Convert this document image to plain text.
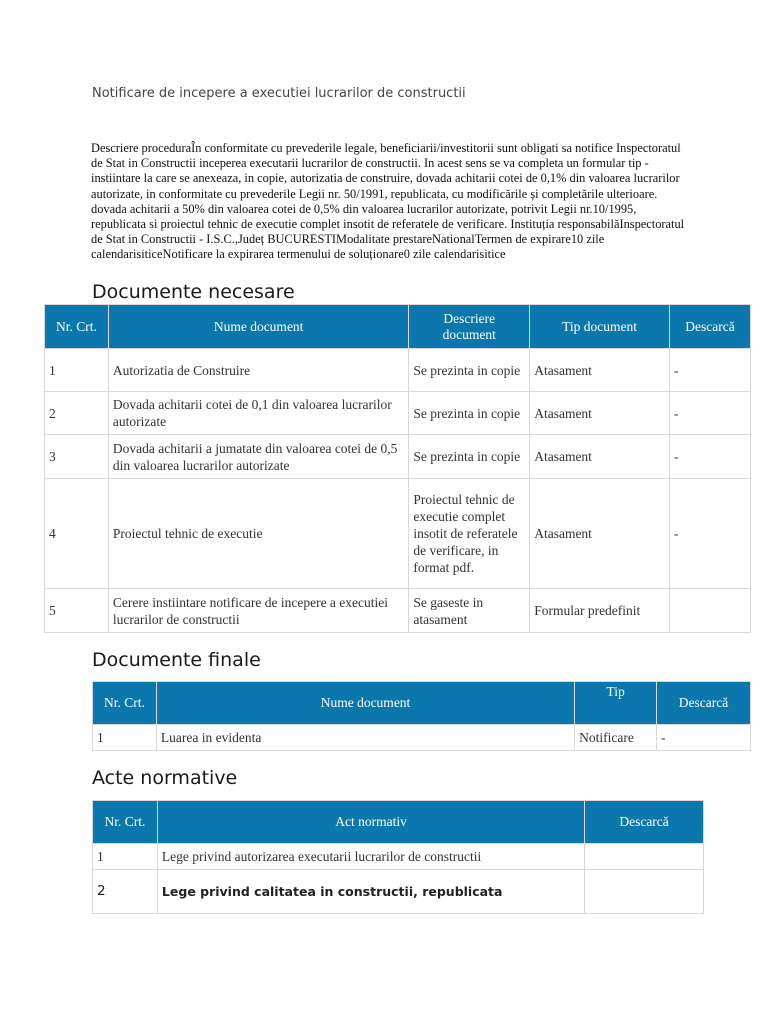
Notificare de incepere a executiei lucrarilor de constructii

Descriere proceduraÎn conformitate cu prevederile legale, beneficiarii/investitorii sunt obligati sa notifice Inspectoratul de Stat in Constructii inceperea executarii lucrarilor de constructii. In acest sens se va completa un formular tip - instiintare la care se anexeaza, in copie, autorizatia de construire, dovada achitarii cotei de 0,1% din valoarea lucrarilor autorizate, in conformitate cu prevederile Legii nr. 50/1991, republicata, cu modificările și completările ulterioare. dovada achitarii a 50% din valoarea cotei de 0,5% din valoarea lucrarilor autorizate, potrivit Legii nr.10/1995, republicata si proiectul tehnic de executie complet insotit de referatele de verificare. Instituția responsabilăInspectoratul de Stat in Constructii - I.S.C.,Județ BUCURESTIModalitate prestareNationalTermen de expirare10 zile calendarisiticeNotificare la expirarea termenului de soluționare0 zile calendarisitice

Documente necesare
Nr. Crt.	Nume document	Descriere document	Tip document	Descarcă
1	Autorizatia de Construire	Se prezinta in copie	Atasament	-
2	Dovada achitarii cotei de 0,1 din valoarea lucrarilor autorizate	Se prezinta in copie	Atasament	-
3	Dovada achitarii a jumatate din valoarea cotei de 0,5 din valoarea lucrarilor autorizate	Se prezinta in copie	Atasament	-
4	Proiectul tehnic de executie	Proiectul tehnic de executie complet insotit de referatele de verificare, in format pdf.	Atasament	-
5	Cerere instiintare notificare de incepere a executiei lucrarilor de constructii	Se gaseste in atasament	Formular predefinit	
Documente finale
Nr. Crt.	Nume document	Tip	Descarcă
1	Luarea in evidenta	Notificare	-
Acte normative
Nr. Crt.	Act normativ	Descarcă
1	Lege privind autorizarea executarii lucrarilor de constructii	
2	Lege privind calitatea in constructii, republicata	
